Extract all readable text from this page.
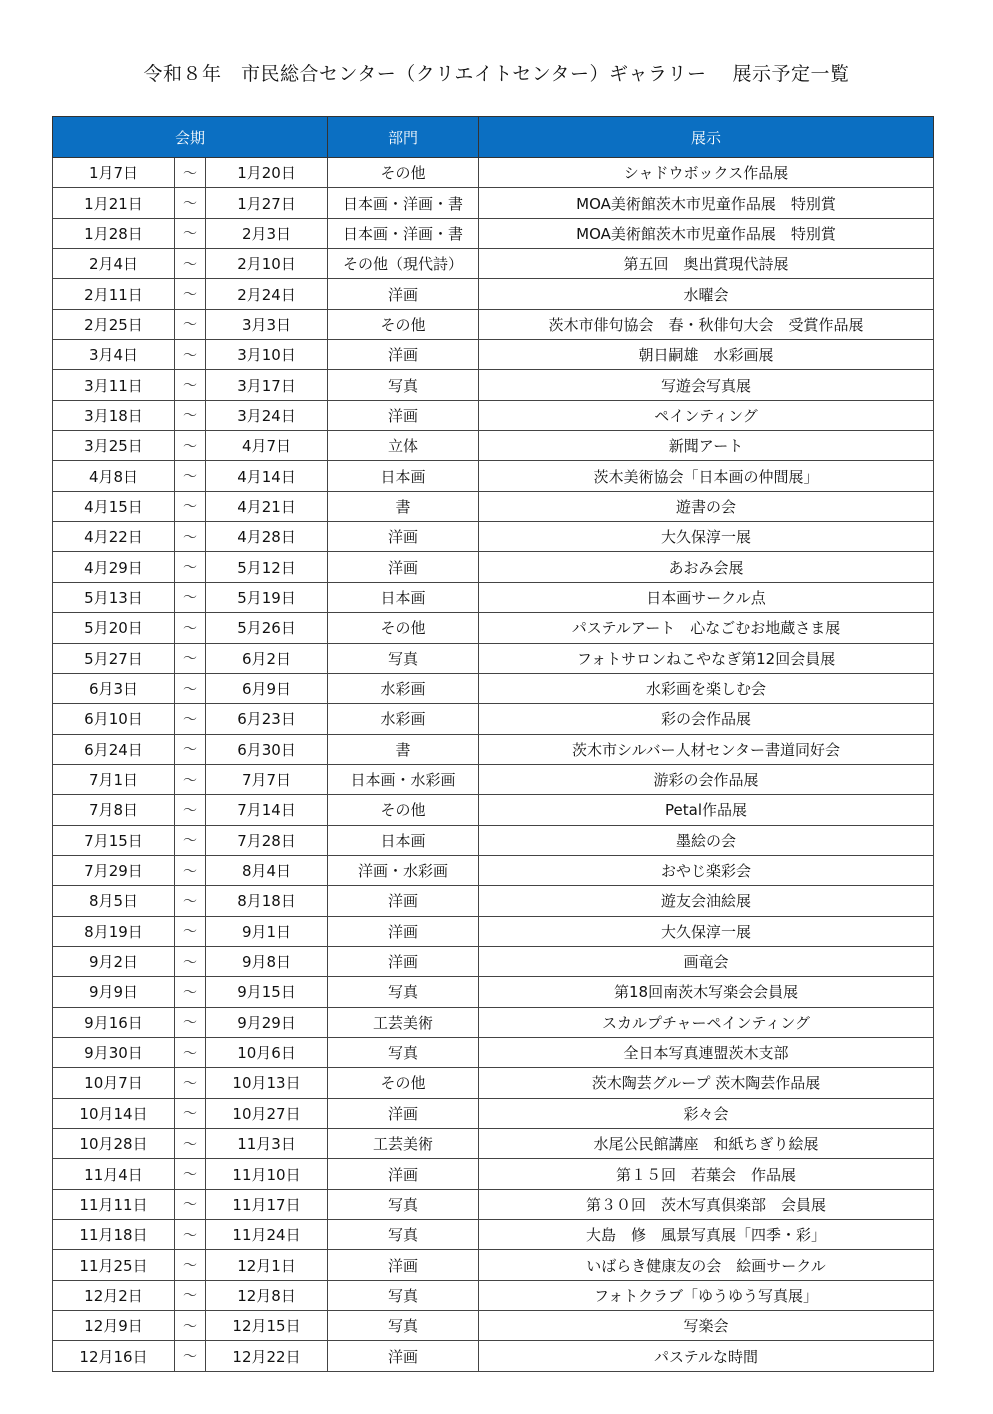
令和８年　市民総合センター（クリエイトセンター）ギャラリー　 展示予定一覧
会期			部門	展示
1月7日	～	1月20日	その他	シャドウボックス作品展
1月21日	～	1月27日	日本画・洋画・書	MOA美術館茨木市児童作品展　特別賞
1月28日	～	2月3日	日本画・洋画・書	MOA美術館茨木市児童作品展　特別賞
2月4日	～	2月10日	その他（現代詩）	第五回　奥出賞現代詩展
2月11日	～	2月24日	洋画	水曜会
2月25日	～	3月3日	その他	茨木市俳句協会　春・秋俳句大会　受賞作品展
3月4日	～	3月10日	洋画	朝日嗣雄　水彩画展
3月11日	～	3月17日	写真	写遊会写真展
3月18日	～	3月24日	洋画	ペインティング
3月25日	～	4月7日	立体	新聞アート
4月8日	～	4月14日	日本画	茨木美術協会「日本画の仲間展」
4月15日	～	4月21日	書	遊書の会
4月22日	～	4月28日	洋画	大久保淳一展
4月29日	～	5月12日	洋画	あおみ会展
5月13日	～	5月19日	日本画	日本画サークル点
5月20日	～	5月26日	その他	パステルアート　心なごむお地蔵さま展
5月27日	～	6月2日	写真	フォトサロンねこやなぎ第12回会員展
6月3日	～	6月9日	水彩画	水彩画を楽しむ会
6月10日	～	6月23日	水彩画	彩の会作品展
6月24日	～	6月30日	書	茨木市シルバー人材センター書道同好会
7月1日	～	7月7日	日本画・水彩画	游彩の会作品展
7月8日	～	7月14日	その他	Petal作品展
7月15日	～	7月28日	日本画	墨絵の会
7月29日	～	8月4日	洋画・水彩画	おやじ楽彩会
8月5日	～	8月18日	洋画	遊友会油絵展
8月19日	～	9月1日	洋画	大久保淳一展
9月2日	～	9月8日	洋画	画竜会
9月9日	～	9月15日	写真	第18回南茨木写楽会会員展
9月16日	～	9月29日	工芸美術	スカルプチャーペインティング
9月30日	～	10月6日	写真	全日本写真連盟茨木支部
10月7日	～	10月13日	その他	茨木陶芸グループ 茨木陶芸作品展
10月14日	～	10月27日	洋画	彩々会
10月28日	～	11月3日	工芸美術	水尾公民館講座　和紙ちぎり絵展
11月4日	～	11月10日	洋画	第１５回　若葉会　作品展
11月11日	～	11月17日	写真	第３０回　茨木写真倶楽部　会員展
11月18日	～	11月24日	写真	大島　修　風景写真展「四季・彩」
11月25日	～	12月1日	洋画	いばらき健康友の会　絵画サークル
12月2日	～	12月8日	写真	フォトクラブ「ゆうゆう写真展」
12月9日	～	12月15日	写真	写楽会
12月16日	～	12月22日	洋画	パステルな時間
